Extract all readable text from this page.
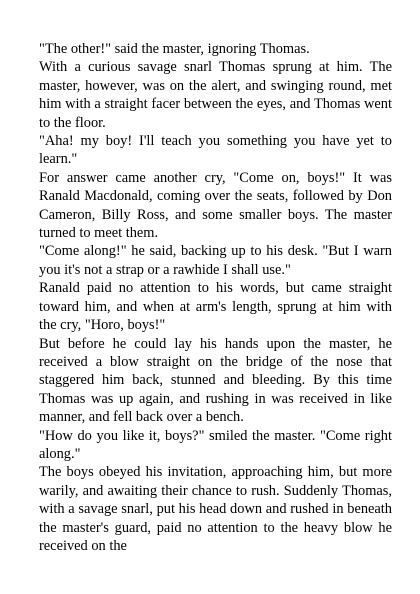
"The other!" said the master, ignoring Thomas.

With a curious savage snarl Thomas sprung at him. The master, however, was on the alert, and swinging round, met him with a straight facer between the eyes, and Thomas went to the floor.

"Aha! my boy! I'll teach you something you have yet to learn."

For answer came another cry, "Come on, boys!" It was Ranald Macdonald, coming over the seats, followed by Don Cameron, Billy Ross, and some smaller boys. The master turned to meet them.

"Come along!" he said, backing up to his desk. "But I warn you it's not a strap or a rawhide I shall use."

Ranald paid no attention to his words, but came straight toward him, and when at arm's length, sprung at him with the cry, "Horo, boys!"

But before he could lay his hands upon the master, he received a blow straight on the bridge of the nose that staggered him back, stunned and bleeding. By this time Thomas was up again, and rushing in was received in like manner, and fell back over a bench.

"How do you like it, boys?" smiled the master. "Come right along."

The boys obeyed his invitation, approaching him, but more warily, and awaiting their chance to rush. Suddenly Thomas, with a savage snarl, put his head down and rushed in beneath the master's guard, paid no attention to the heavy blow he received on the
